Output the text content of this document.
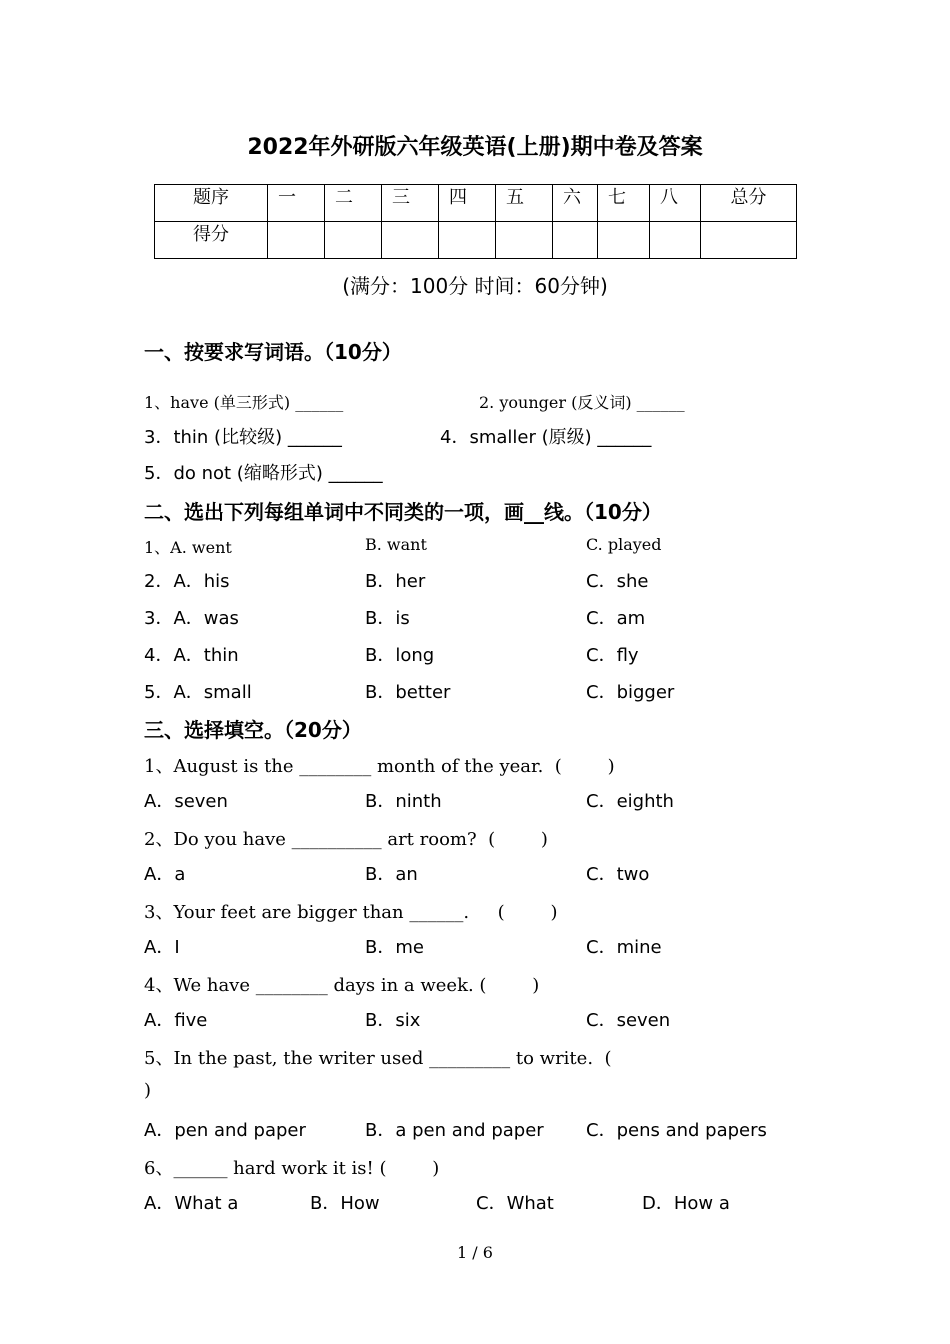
2022年外研版六年级英语(上册)期中卷及答案
题序	一	二	三	四	五	六	七	八	总分
得分									
(满分：100分 时间：60分钟)
一、按要求写词语。（10分）
1、have (单三形式) ______	2. younger (反义词) ______
3．thin (比较级) ______	4．smaller (原级) ______
5．do not (缩略形式) ______
二、选出下列每组单词中不同类的一项，画__线。（10分）
1、A. went	B. want	C. played
2．A．his	B．her	C．she
3．A．was	B．is	C．am
4．A．thin	B．long	C．fly
5．A．small	B．better	C．bigger
三、选择填空。（20分）
1、August is the ________ month of the year.  (        )
A．seven	B．ninth	C．eighth
2、Do you have __________ art room?  (        )
A．a	B．an	C．two
3、Your feet are bigger than ______.     (        )
A．I	B．me	C．mine
4、We have ________ days in a week. (        )
A．five	B．six	C．seven
5、In the past, the writer used _________ to write.  (
)
A．pen and paper	B．a pen and paper C．pens and papers
6、______ hard work it is! (        )
A．What a	B．How	C．What	D．How a
1 / 6
